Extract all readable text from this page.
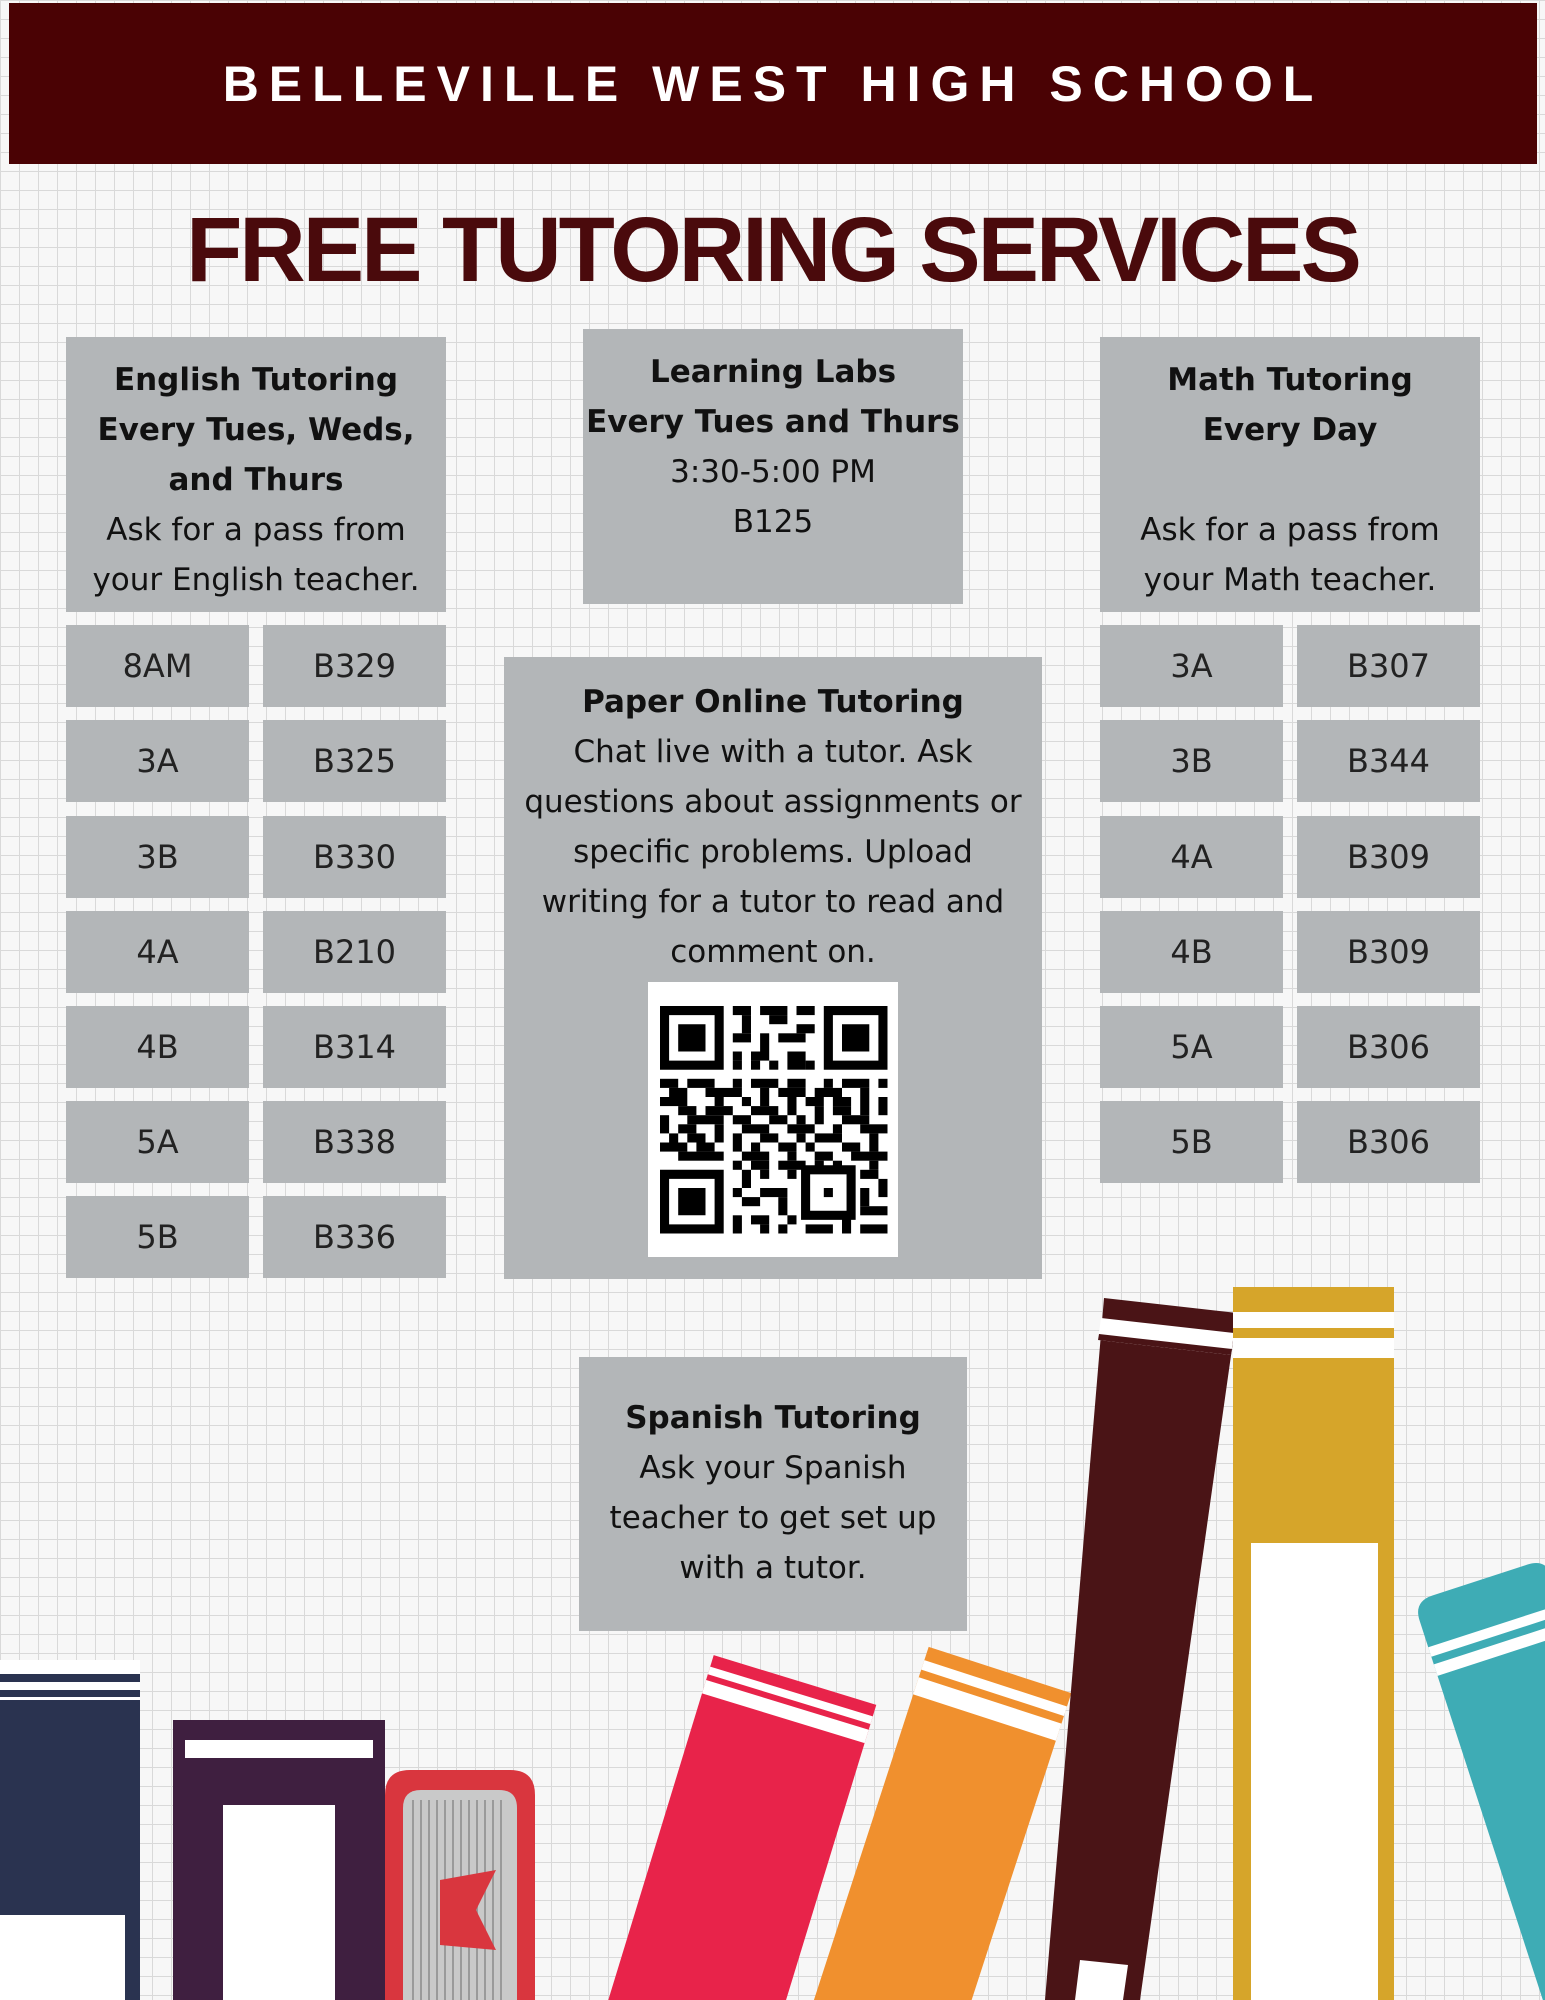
BELLEVILLE WEST HIGH SCHOOL
FREE TUTORING SERVICES
English Tutoring
Every Tues, Weds,
and Thurs
Ask for a pass from
your English teacher.
8AM	B329
3A	B325
3B	B330
4A	B210
4B	B314
5A	B338
5B	B336
Learning Labs
Every Tues and Thurs
3:30-5:00 PM
B125
Math Tutoring
Every Day
Ask for a pass from
your Math teacher.
3A	B307
3B	B344
4A	B309
4B	B309
5A	B306
5B	B306
Paper Online Tutoring
Chat live with a tutor. Ask
questions about assignments or
specific problems. Upload
writing for a tutor to read and
comment on.
Spanish Tutoring
Ask your Spanish
teacher to get set up
with a tutor.
